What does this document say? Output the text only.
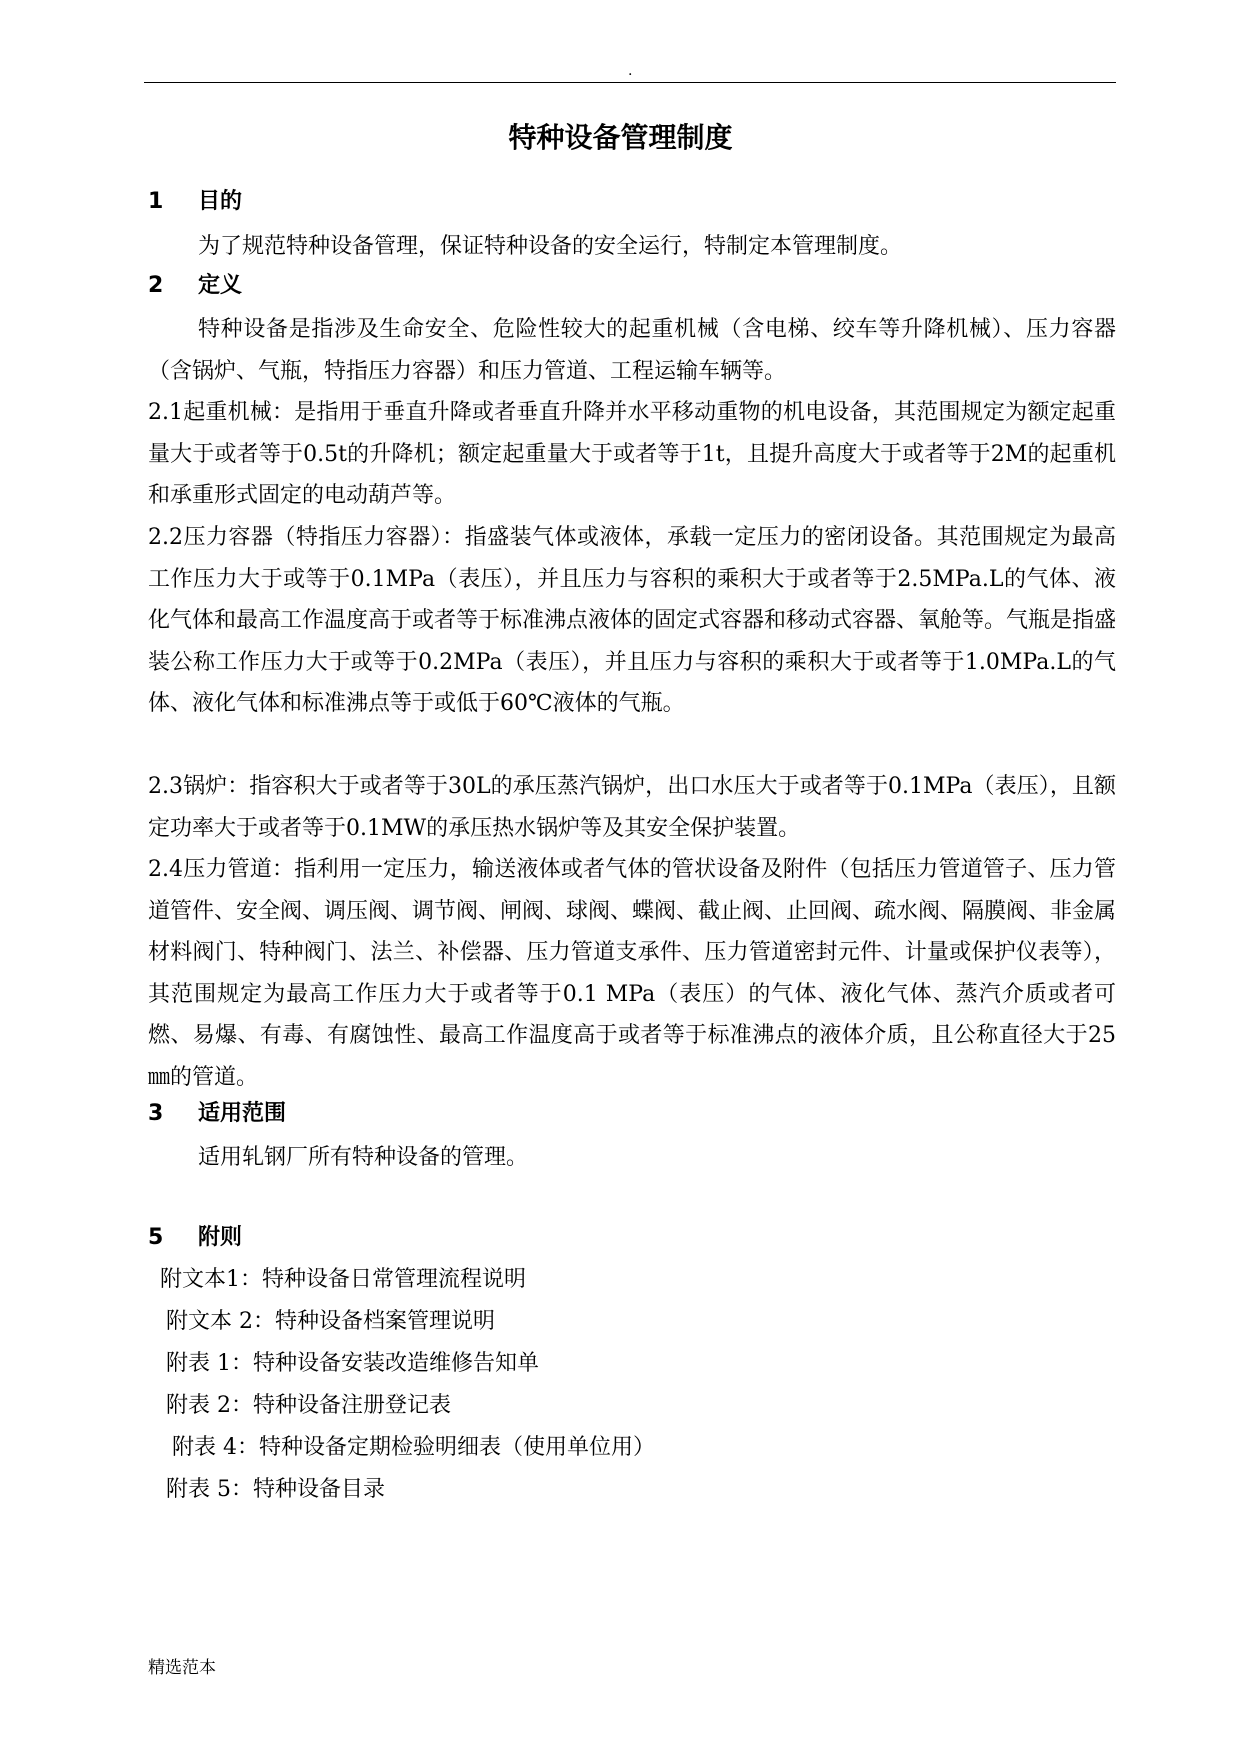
.
特种设备管理制度
1 目的

为了规范特种设备管理，保证特种设备的安全运行，特制定本管理制度。

2 定义

特种设备是指涉及生命安全、危险性较大的起重机械（含电梯、绞车等升降机械）、压力容器（含锅炉、气瓶，特指压力容器）和压力管道、工程运输车辆等。

2.1起重机械：是指用于垂直升降或者垂直升降并水平移动重物的机电设备，其范围规定为额定起重量大于或者等于0.5t的升降机；额定起重量大于或者等于1t，且提升高度大于或者等于2M的起重机和承重形式固定的电动葫芦等。

2.2压力容器（特指压力容器）：指盛装气体或液体，承载一定压力的密闭设备。其范围规定为最高工作压力大于或等于0.1MPa（表压），并且压力与容积的乘积大于或者等于2.5MPa.L的气体、液化气体和最高工作温度高于或者等于标准沸点液体的固定式容器和移动式容器、氧舱等。气瓶是指盛装公称工作压力大于或等于0.2MPa（表压），并且压力与容积的乘积大于或者等于1.0MPa.L的气体、液化气体和标准沸点等于或低于60℃液体的气瓶。

2.3锅炉：指容积大于或者等于30L的承压蒸汽锅炉，出口水压大于或者等于0.1MPa（表压），且额定功率大于或者等于0.1MW的承压热水锅炉等及其安全保护装置。

2.4压力管道：指利用一定压力，输送液体或者气体的管状设备及附件（包括压力管道管子、压力管道管件、安全阀、调压阀、调节阀、闸阀、球阀、蝶阀、截止阀、止回阀、疏水阀、隔膜阀、非金属材料阀门、特种阀门、法兰、补偿器、压力管道支承件、压力管道密封元件、计量或保护仪表等），其范围规定为最高工作压力大于或者等于0.1 MPa（表压）的气体、液化气体、蒸汽介质或者可燃、易爆、有毒、有腐蚀性、最高工作温度高于或者等于标准沸点的液体介质，且公称直径大于25㎜的管道。

3 适用范围

适用轧钢厂所有特种设备的管理。

5 附则
附文本1：特种设备日常管理流程说明
附文本 2：特种设备档案管理说明
附表 1：特种设备安装改造维修告知单
附表 2：特种设备注册登记表
附表 4：特种设备定期检验明细表（使用单位用）
附表 5：特种设备目录
精选范本
